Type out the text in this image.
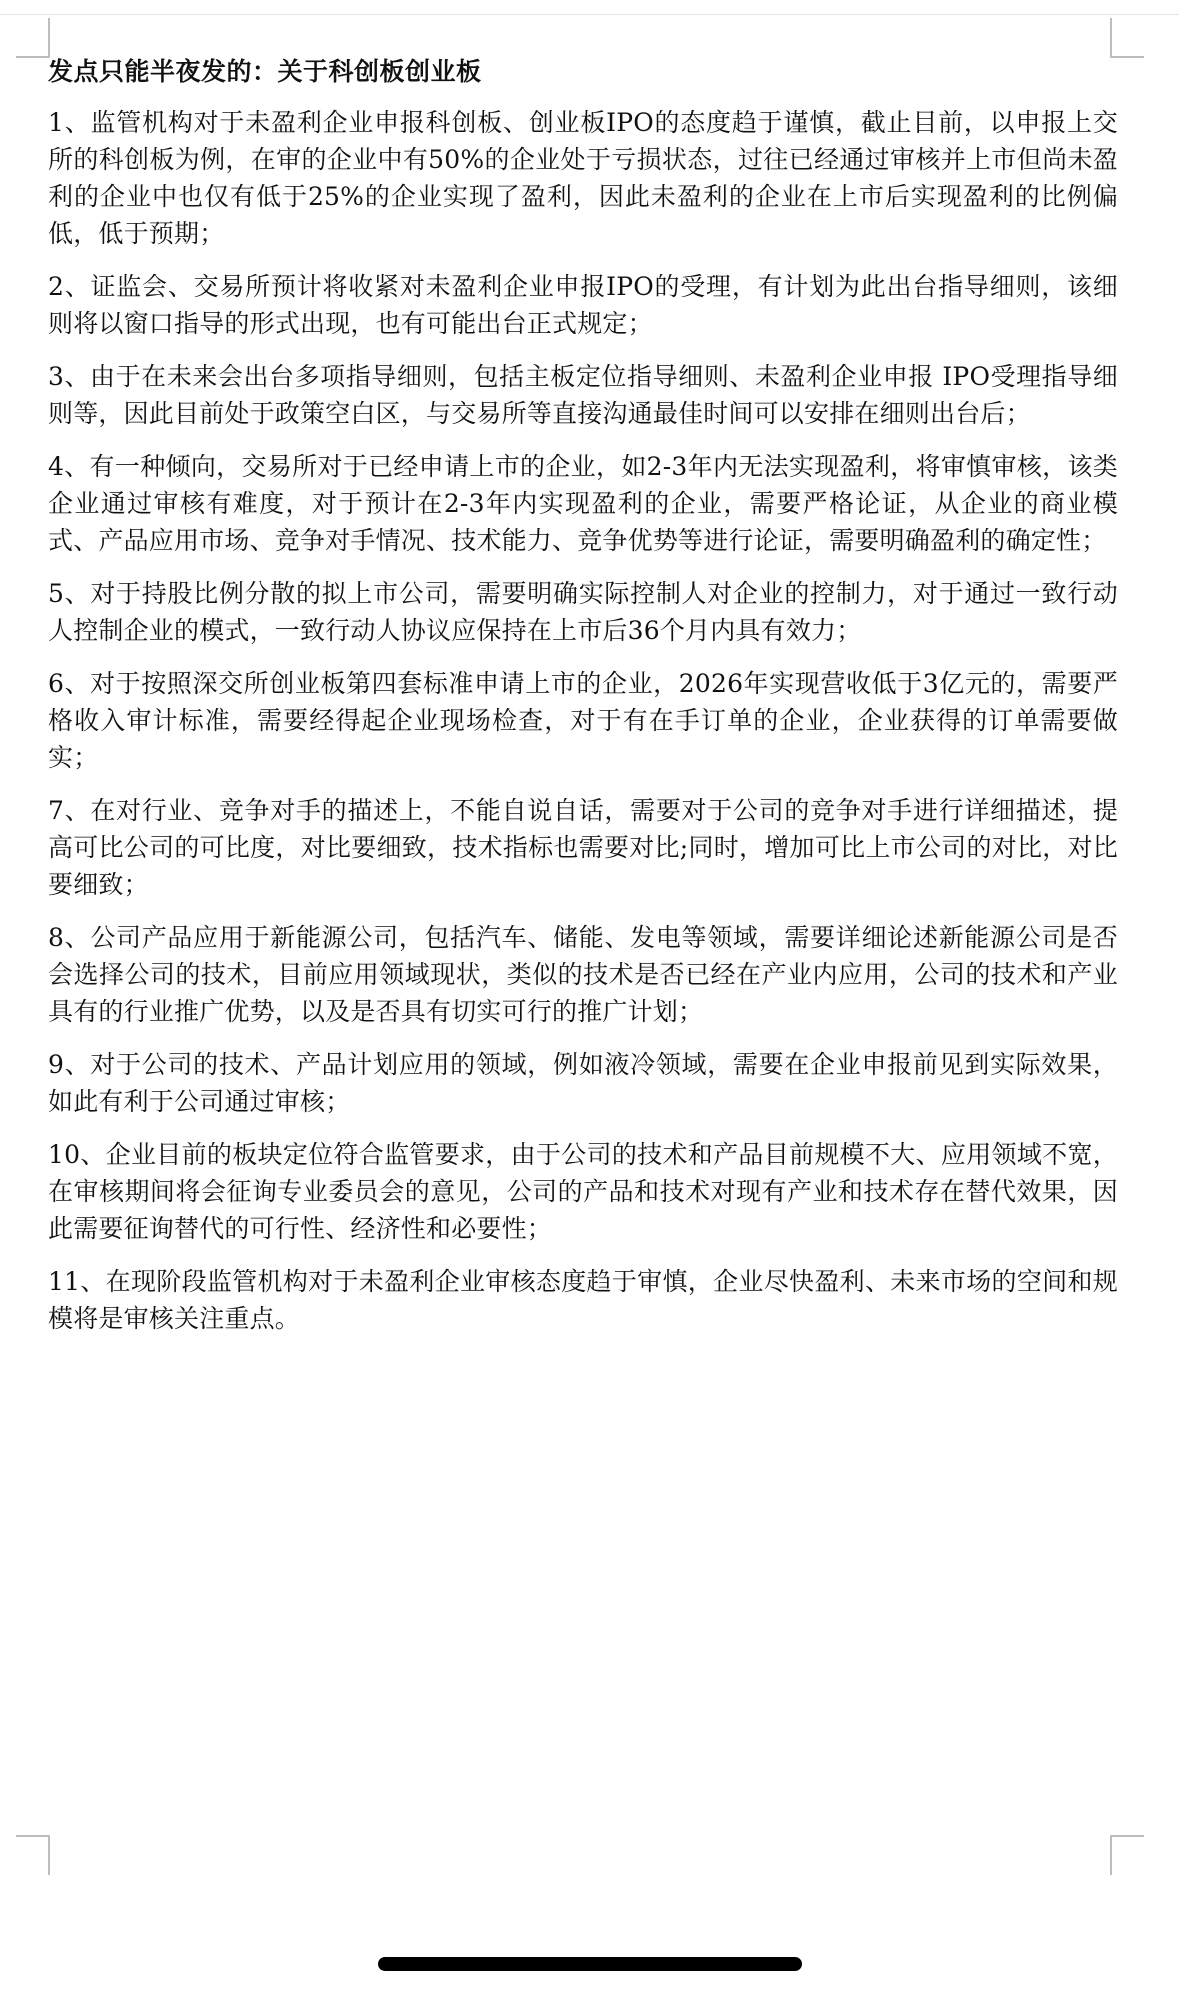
发点只能半夜发的：关于科创板创业板

1、监管机构对于未盈利企业申报科创板、创业板IPO的态度趋于谨慎，截止目前，以申报上交所的科创板为例，在审的企业中有50%的企业处于亏损状态，过往已经通过审核并上市但尚未盈利的企业中也仅有低于25%的企业实现了盈利，因此未盈利的企业在上市后实现盈利的比例偏低，低于预期；

2、证监会、交易所预计将收紧对未盈利企业申报IPO的受理，有计划为此出台指导细则，该细则将以窗口指导的形式出现，也有可能出台正式规定；

3、由于在未来会出台多项指导细则，包括主板定位指导细则、未盈利企业申报 IPO受理指导细则等，因此目前处于政策空白区，与交易所等直接沟通最佳时间可以安排在细则出台后；

4、有一种倾向，交易所对于已经申请上市的企业，如2-3年内无法实现盈利，将审慎审核，该类企业通过审核有难度，对于预计在2-3年内实现盈利的企业，需要严格论证，从企业的商业模式、产品应用市场、竞争对手情况、技术能力、竞争优势等进行论证，需要明确盈利的确定性；

5、对于持股比例分散的拟上市公司，需要明确实际控制人对企业的控制力，对于通过一致行动人控制企业的模式，一致行动人协议应保持在上市后36个月内具有效力；

6、对于按照深交所创业板第四套标准申请上市的企业，2026年实现营收低于3亿元的，需要严格收入审计标准，需要经得起企业现场检查，对于有在手订单的企业，企业获得的订单需要做实；

7、在对行业、竞争对手的描述上，不能自说自话，需要对于公司的竞争对手进行详细描述，提高可比公司的可比度，对比要细致，技术指标也需要对比;同时，增加可比上市公司的对比，对比要细致；

8、公司产品应用于新能源公司，包括汽车、储能、发电等领域，需要详细论述新能源公司是否会选择公司的技术，目前应用领域现状，类似的技术是否已经在产业内应用，公司的技术和产业具有的行业推广优势，以及是否具有切实可行的推广计划；

9、对于公司的技术、产品计划应用的领域，例如液冷领域，需要在企业申报前见到实际效果，如此有利于公司通过审核；

10、企业目前的板块定位符合监管要求，由于公司的技术和产品目前规模不大、应用领域不宽，在审核期间将会征询专业委员会的意见，公司的产品和技术对现有产业和技术存在替代效果，因此需要征询替代的可行性、经济性和必要性；

11、在现阶段监管机构对于未盈利企业审核态度趋于审慎，企业尽快盈利、未来市场的空间和规模将是审核关注重点。
